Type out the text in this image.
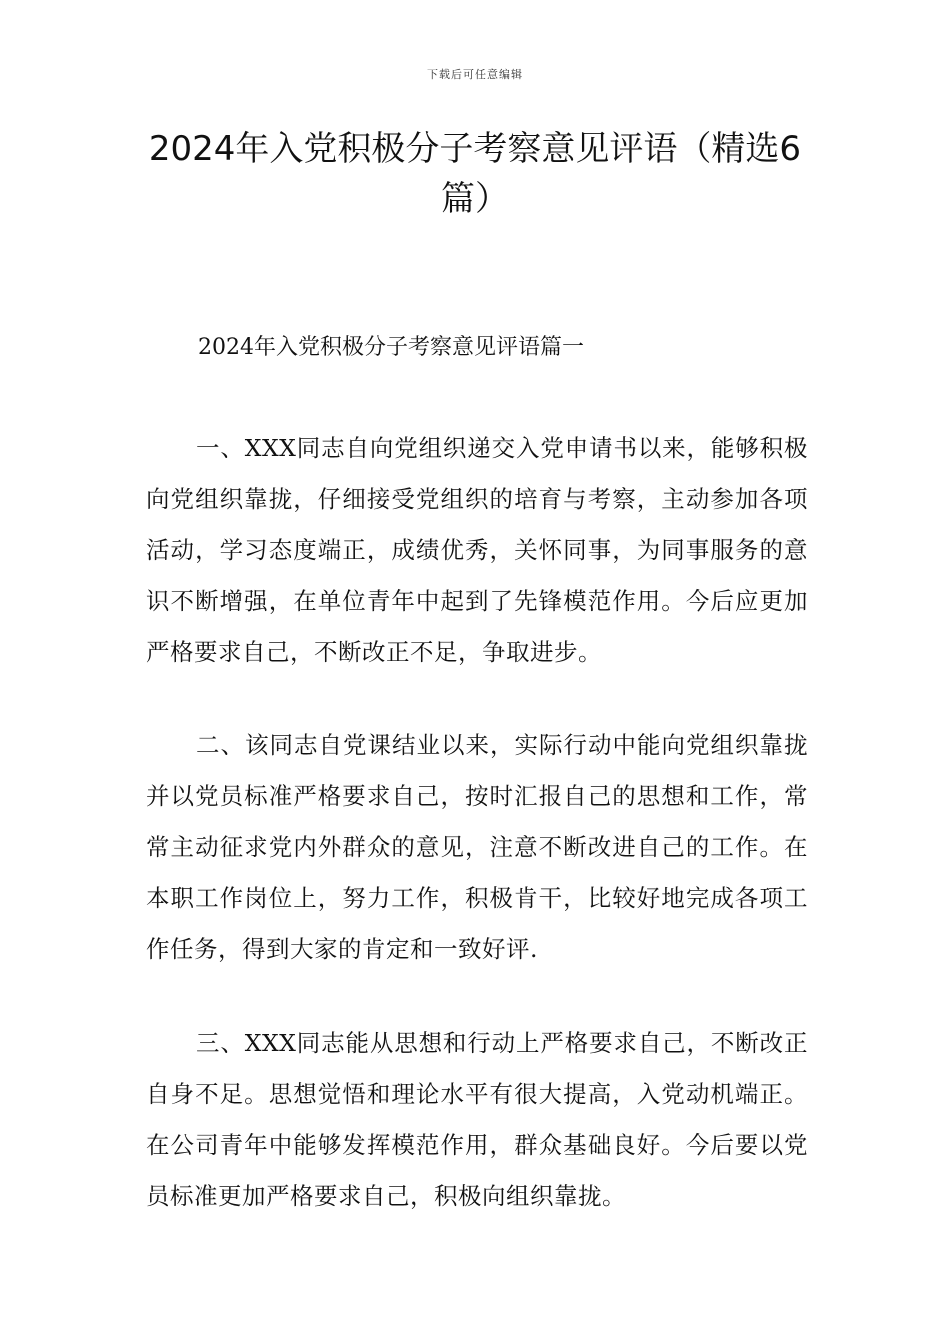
下载后可任意编辑
2024年入党积极分子考察意见评语（精选6篇）
2024年入党积极分子考察意见评语篇一

一、XXX同志自向党组织递交入党申请书以来，能够积极向党组织靠拢，仔细接受党组织的培育与考察，主动参加各项活动，学习态度端正，成绩优秀，关怀同事，为同事服务的意识不断增强，在单位青年中起到了先锋模范作用。今后应更加严格要求自己，不断改正不足，争取进步。

二、该同志自党课结业以来，实际行动中能向党组织靠拢并以党员标准严格要求自己，按时汇报自己的思想和工作，常常主动征求党内外群众的意见，注意不断改进自己的工作。在本职工作岗位上，努力工作，积极肯干，比较好地完成各项工作任务，得到大家的肯定和一致好评.

三、XXX同志能从思想和行动上严格要求自己，不断改正自身不足。思想觉悟和理论水平有很大提高，入党动机端正。在公司青年中能够发挥模范作用，群众基础良好。今后要以党员标准更加严格要求自己，积极向组织靠拢。
